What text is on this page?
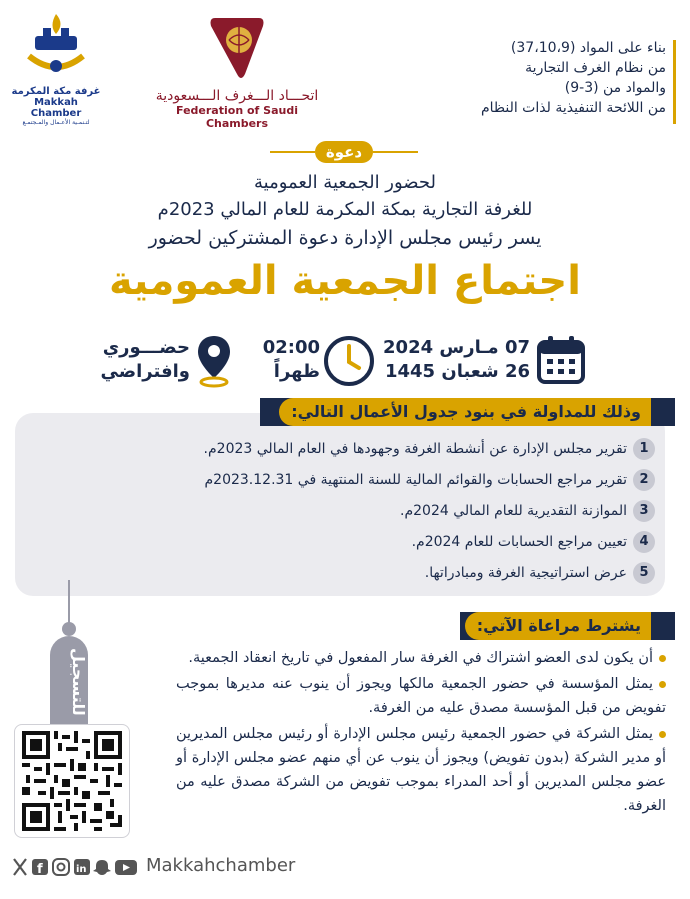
بناء على المواد (37،10،9)
من نظام الغرف التجارية
والمواد من (3-9)
من اللائحة التنفيذية لذات النظام
اتحـــاد الـــغرف الـــسعودية
Federation of Saudi Chambers
غرفة مكة المكرمة
Makkah Chamber
لتـنمـية الأعـمال والمـجتمـع
دعوة
لحضور الجمعية العمومية
للغرفة التجارية بمكة المكرمة للعام المالي 2023م
يسر رئيس مجلس الإدارة دعوة المشتركين لحضور
اجتماع الجمعية العمومية
07 مـارس 2024
26 شعبان 1445
02:00
ظهراً
حضـــوري
وافتراضي
وذلك للمداولة في بنود جدول الأعمال التالي:
1تقرير مجلس الإدارة عن أنشطة الغرفة وجهودها في العام المالي 2023م.
2تقرير مراجع الحسابات والقوائم المالية للسنة المنتهية في 2023.12.31م
3الموازنة التقديرية للعام المالي 2024م.
4تعيين مراجع الحسابات للعام 2024م.
5عرض استراتيجية الغرفة ومبادراتها.
يشترط مراعاة الآتي:
للتسجيل	أن يكون لدى العضو اشتراك في الغرفة سار المفعول في تاريخ انعقاد الجمعية.
يمثل المؤسسة في حضور الجمعية مالكها ويجوز أن ينوب عنه مديرها بموجب تفويض من قبل المؤسسة مصدق عليه من الغرفة.
يمثل الشركة في حضور الجمعية رئيس مجلس الإدارة أو رئيس مجلس المديرين أو مدير الشركة (بدون تفويض) ويجوز أن ينوب عن أي منهم عضو مجلس الإدارة أو عضو مجلس المديرين أو أحد المدراء بموجب تفويض من الشركة مصدق عليه من الغرفة.
f	in	Makkahchamber
